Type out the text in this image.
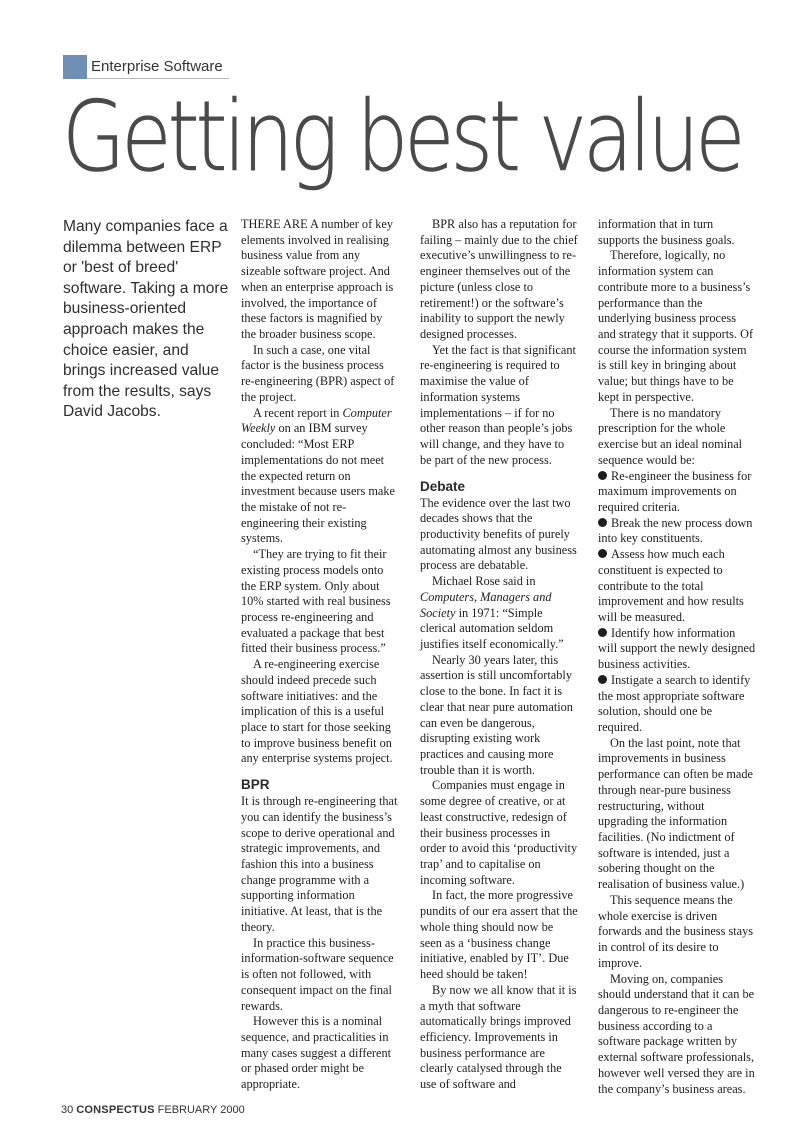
Enterprise Software
Getting best value
Many companies face a dilemma between ERP or 'best of breed' software. Taking a more business-oriented approach makes the choice easier, and brings increased value from the results, says David Jacobs.

THERE ARE A number of key elements involved in realising business value from any sizeable software project. And when an enterprise approach is involved, the importance of these factors is magnified by the broader business scope.

In such a case, one vital factor is the business process re-engineering (BPR) aspect of the project.

A recent report in Computer Weekly on an IBM survey concluded: “Most ERP implementations do not meet the expected return on investment because users make the mistake of not re-engineering their existing systems.

“They are trying to fit their existing process models onto the ERP system. Only about 10% started with real business process re-engineering and evaluated a package that best fitted their business process.”

A re-engineering exercise should indeed precede such software initiatives: and the implication of this is a useful place to start for those seeking to improve business benefit on any enterprise systems project.

BPR

It is through re-engineering that you can identify the business’s scope to derive operational and strategic improvements, and fashion this into a business change programme with a supporting information initiative. At least, that is the theory.

In practice this business-information-software sequence is often not followed, with consequent impact on the final rewards.

However this is a nominal sequence, and practicalities in many cases suggest a different or phased order might be appropriate.

BPR also has a reputation for failing – mainly due to the chief executive’s unwillingness to re-engineer themselves out of the picture (unless close to retirement!) or the software’s inability to support the newly designed processes.

Yet the fact is that significant re-engineering is required to maximise the value of information systems implementations – if for no other reason than people’s jobs will change, and they have to be part of the new process.

Debate

The evidence over the last two decades shows that the productivity benefits of purely automating almost any business process are debatable.

Michael Rose said in Computers, Managers and Society in 1971: “Simple clerical automation seldom justifies itself economically.”

Nearly 30 years later, this assertion is still uncomfortably close to the bone. In fact it is clear that near pure automation can even be dangerous, disrupting existing work practices and causing more trouble than it is worth.

Companies must engage in some degree of creative, or at least constructive, redesign of their business processes in order to avoid this ‘productivity trap’ and to capitalise on incoming software.

In fact, the more progressive pundits of our era assert that the whole thing should now be seen as a ‘business change initiative, enabled by IT’. Due heed should be taken!

By now we all know that it is a myth that software automatically brings improved efficiency. Improvements in business performance are clearly catalysed through the use of software and

information that in turn supports the business goals.

Therefore, logically, no information system can contribute more to a business’s performance than the underlying business process and strategy that it supports. Of course the information system is still key in bringing about value; but things have to be kept in perspective.

There is no mandatory prescription for the whole exercise but an ideal nominal sequence would be:

Re-engineer the business for maximum improvements on required criteria.

Break the new process down into key constituents.

Assess how much each constituent is expected to contribute to the total improvement and how results will be measured.

Identify how information will support the newly designed business activities.

Instigate a search to identify the most appropriate software solution, should one be required.

On the last point, note that improvements in business performance can often be made through near-pure business restructuring, without upgrading the information facilities. (No indictment of software is intended, just a sobering thought on the realisation of business value.)

This sequence means the whole exercise is driven forwards and the business stays in control of its desire to improve.

Moving on, companies should understand that it can be dangerous to re-engineer the business according to a software package written by external software professionals, however well versed they are in the company’s business areas.

30 CONSPECTUS FEBRUARY 2000
